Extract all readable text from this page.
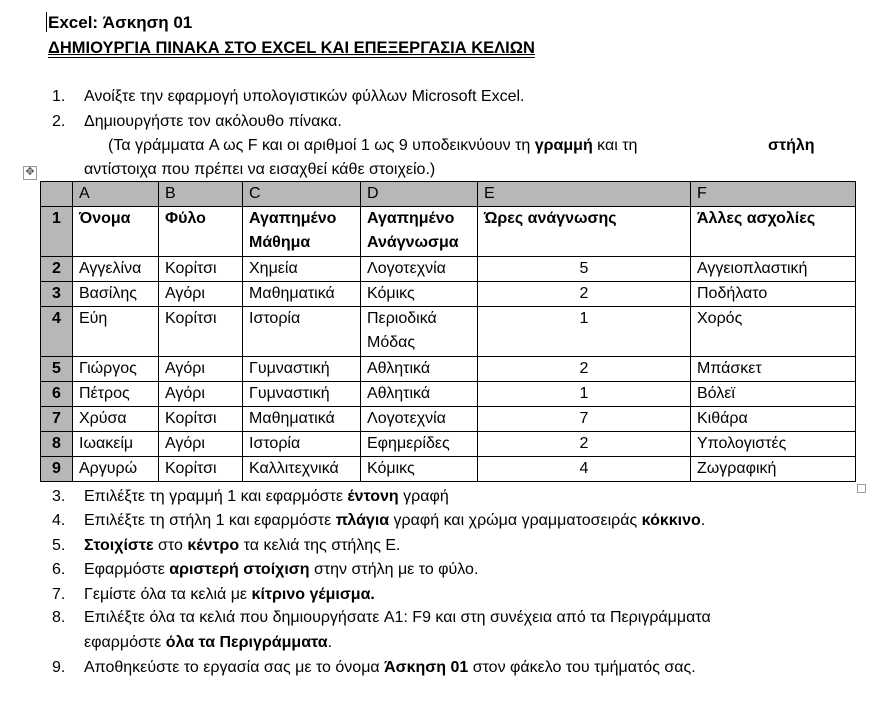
Excel: Άσκηση 01
ΔΗΜΙΟΥΡΓΙΑ ΠΙΝΑΚΑ ΣΤΟ EXCEL ΚΑΙ ΕΠΕΞΕΡΓΑΣΙΑ ΚΕΛΙΩΝ
1.	Ανοίξτε την εφαρμογή υπολογιστικών φύλλων Microsoft Excel.
2.	Δημιουργήστε τον ακόλουθο πίνακα.
(Τα γράμματα A ως F και οι αριθμοί 1 ως 9 υποδεικνύουν τη γραμμή και τη	στήλη
αντίστοιχα που πρέπει να εισαχθεί κάθε στοιχείο.)
✥
	A	B	C	D	E	F
1	Όνομα	Φύλο	Αγαπημένο Μάθημα	Αγαπημένο Ανάγνωσμα	Ώρες ανάγνωσης	Άλλες ασχολίες
2	Αγγελίνα	Κορίτσι	Χημεία	Λογοτεχνία	5	Αγγειοπλαστική
3	Βασίλης	Αγόρι	Μαθηματικά	Κόμικς	2	Ποδήλατο
4	Εύη	Κορίτσι	Ιστορία	Περιοδικά Μόδας	1	Χορός
5	Γιώργος	Αγόρι	Γυμναστική	Αθλητικά	2	Μπάσκετ
6	Πέτρος	Αγόρι	Γυμναστική	Αθλητικά	1	Βόλεϊ
7	Χρύσα	Κορίτσι	Μαθηματικά	Λογοτεχνία	7	Κιθάρα
8	Ιωακείμ	Αγόρι	Ιστορία	Εφημερίδες	2	Υπολογιστές
9	Αργυρώ	Κορίτσι	Καλλιτεχνικά	Κόμικς	4	Ζωγραφική
3.	Επιλέξτε τη γραμμή 1 και εφαρμόστε έντονη γραφή
4.	Επιλέξτε τη στήλη 1 και εφαρμόστε πλάγια γραφή και χρώμα γραμματοσειράς κόκκινο.
5.	Στοιχίστε στο κέντρο τα κελιά της στήλης E.
6.	Εφαρμόστε αριστερή στοίχιση στην στήλη με το φύλο.
7.	Γεμίστε όλα τα κελιά με κίτρινο γέμισμα.
8.	Επιλέξτε όλα τα κελιά που δημιουργήσατε A1: F9 και στη συνέχεια από τα Περιγράμματα
εφαρμόστε όλα τα Περιγράμματα.
9.	Αποθηκεύστε το εργασία σας με το όνομα Άσκηση 01 στον φάκελο του τμήματός σας.
